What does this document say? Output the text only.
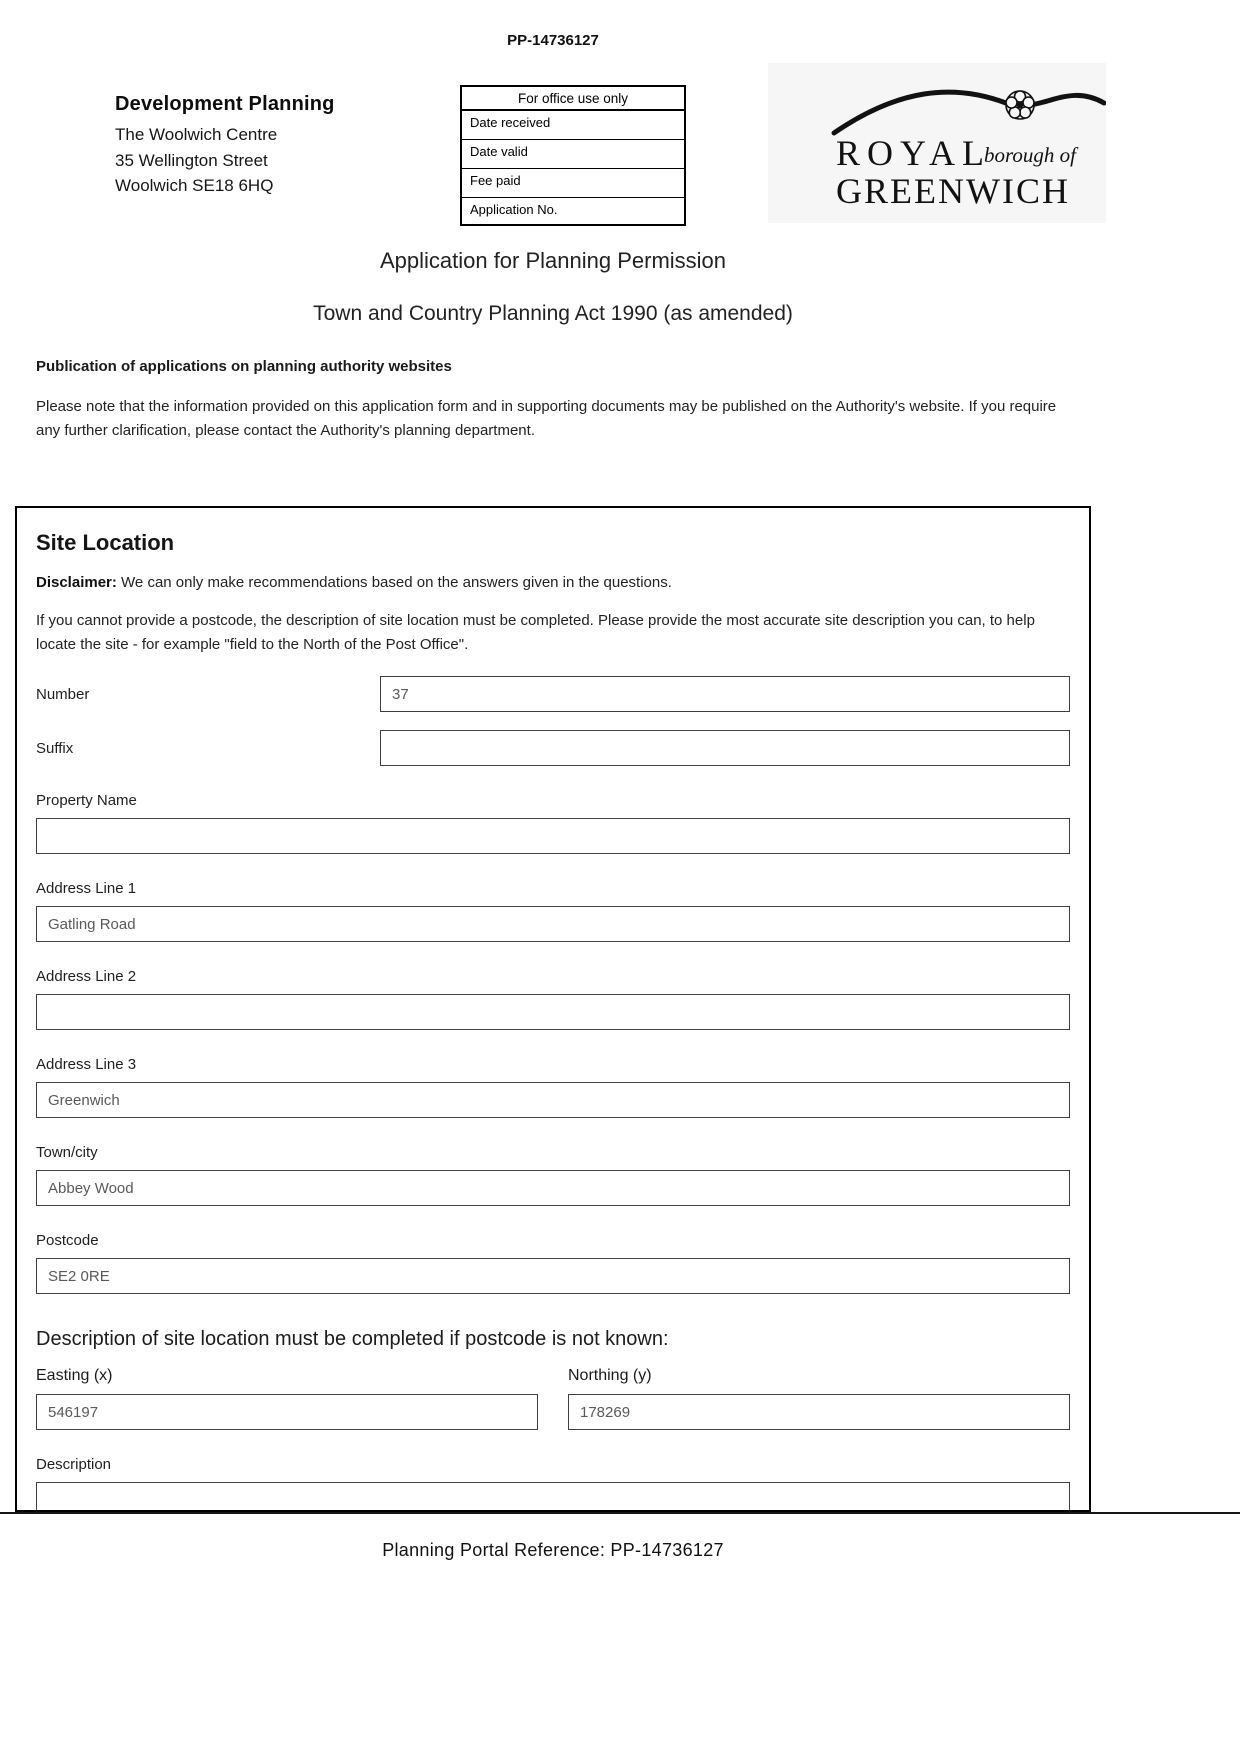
PP-14736127
Development Planning
The Woolwich Centre
35 Wellington Street
Woolwich SE18 6HQ
For office use only
Date received
Date valid
Fee paid
Application No.
ROYAL
borough of
GREENWICH
Application for Planning Permission
Town and Country Planning Act 1990 (as amended)
Publication of applications on planning authority websites
Please note that the information provided on this application form and in supporting documents may be published on the Authority's website. If you require any further clarification, please contact the Authority's planning department.
Site Location
Disclaimer: We can only make recommendations based on the answers given in the questions.
If you cannot provide a postcode, the description of site location must be completed. Please provide the most accurate site description you can, to help locate the site - for example "field to the North of the Post Office".
Number
37
Suffix
Property Name
Address Line 1
Gatling Road
Address Line 2
Address Line 3
Greenwich
Town/city
Abbey Wood
Postcode
SE2 0RE
Description of site location must be completed if postcode is not known:
Easting (x)
546197	Northing (y)
178269
Description
Planning Portal Reference: PP-14736127
